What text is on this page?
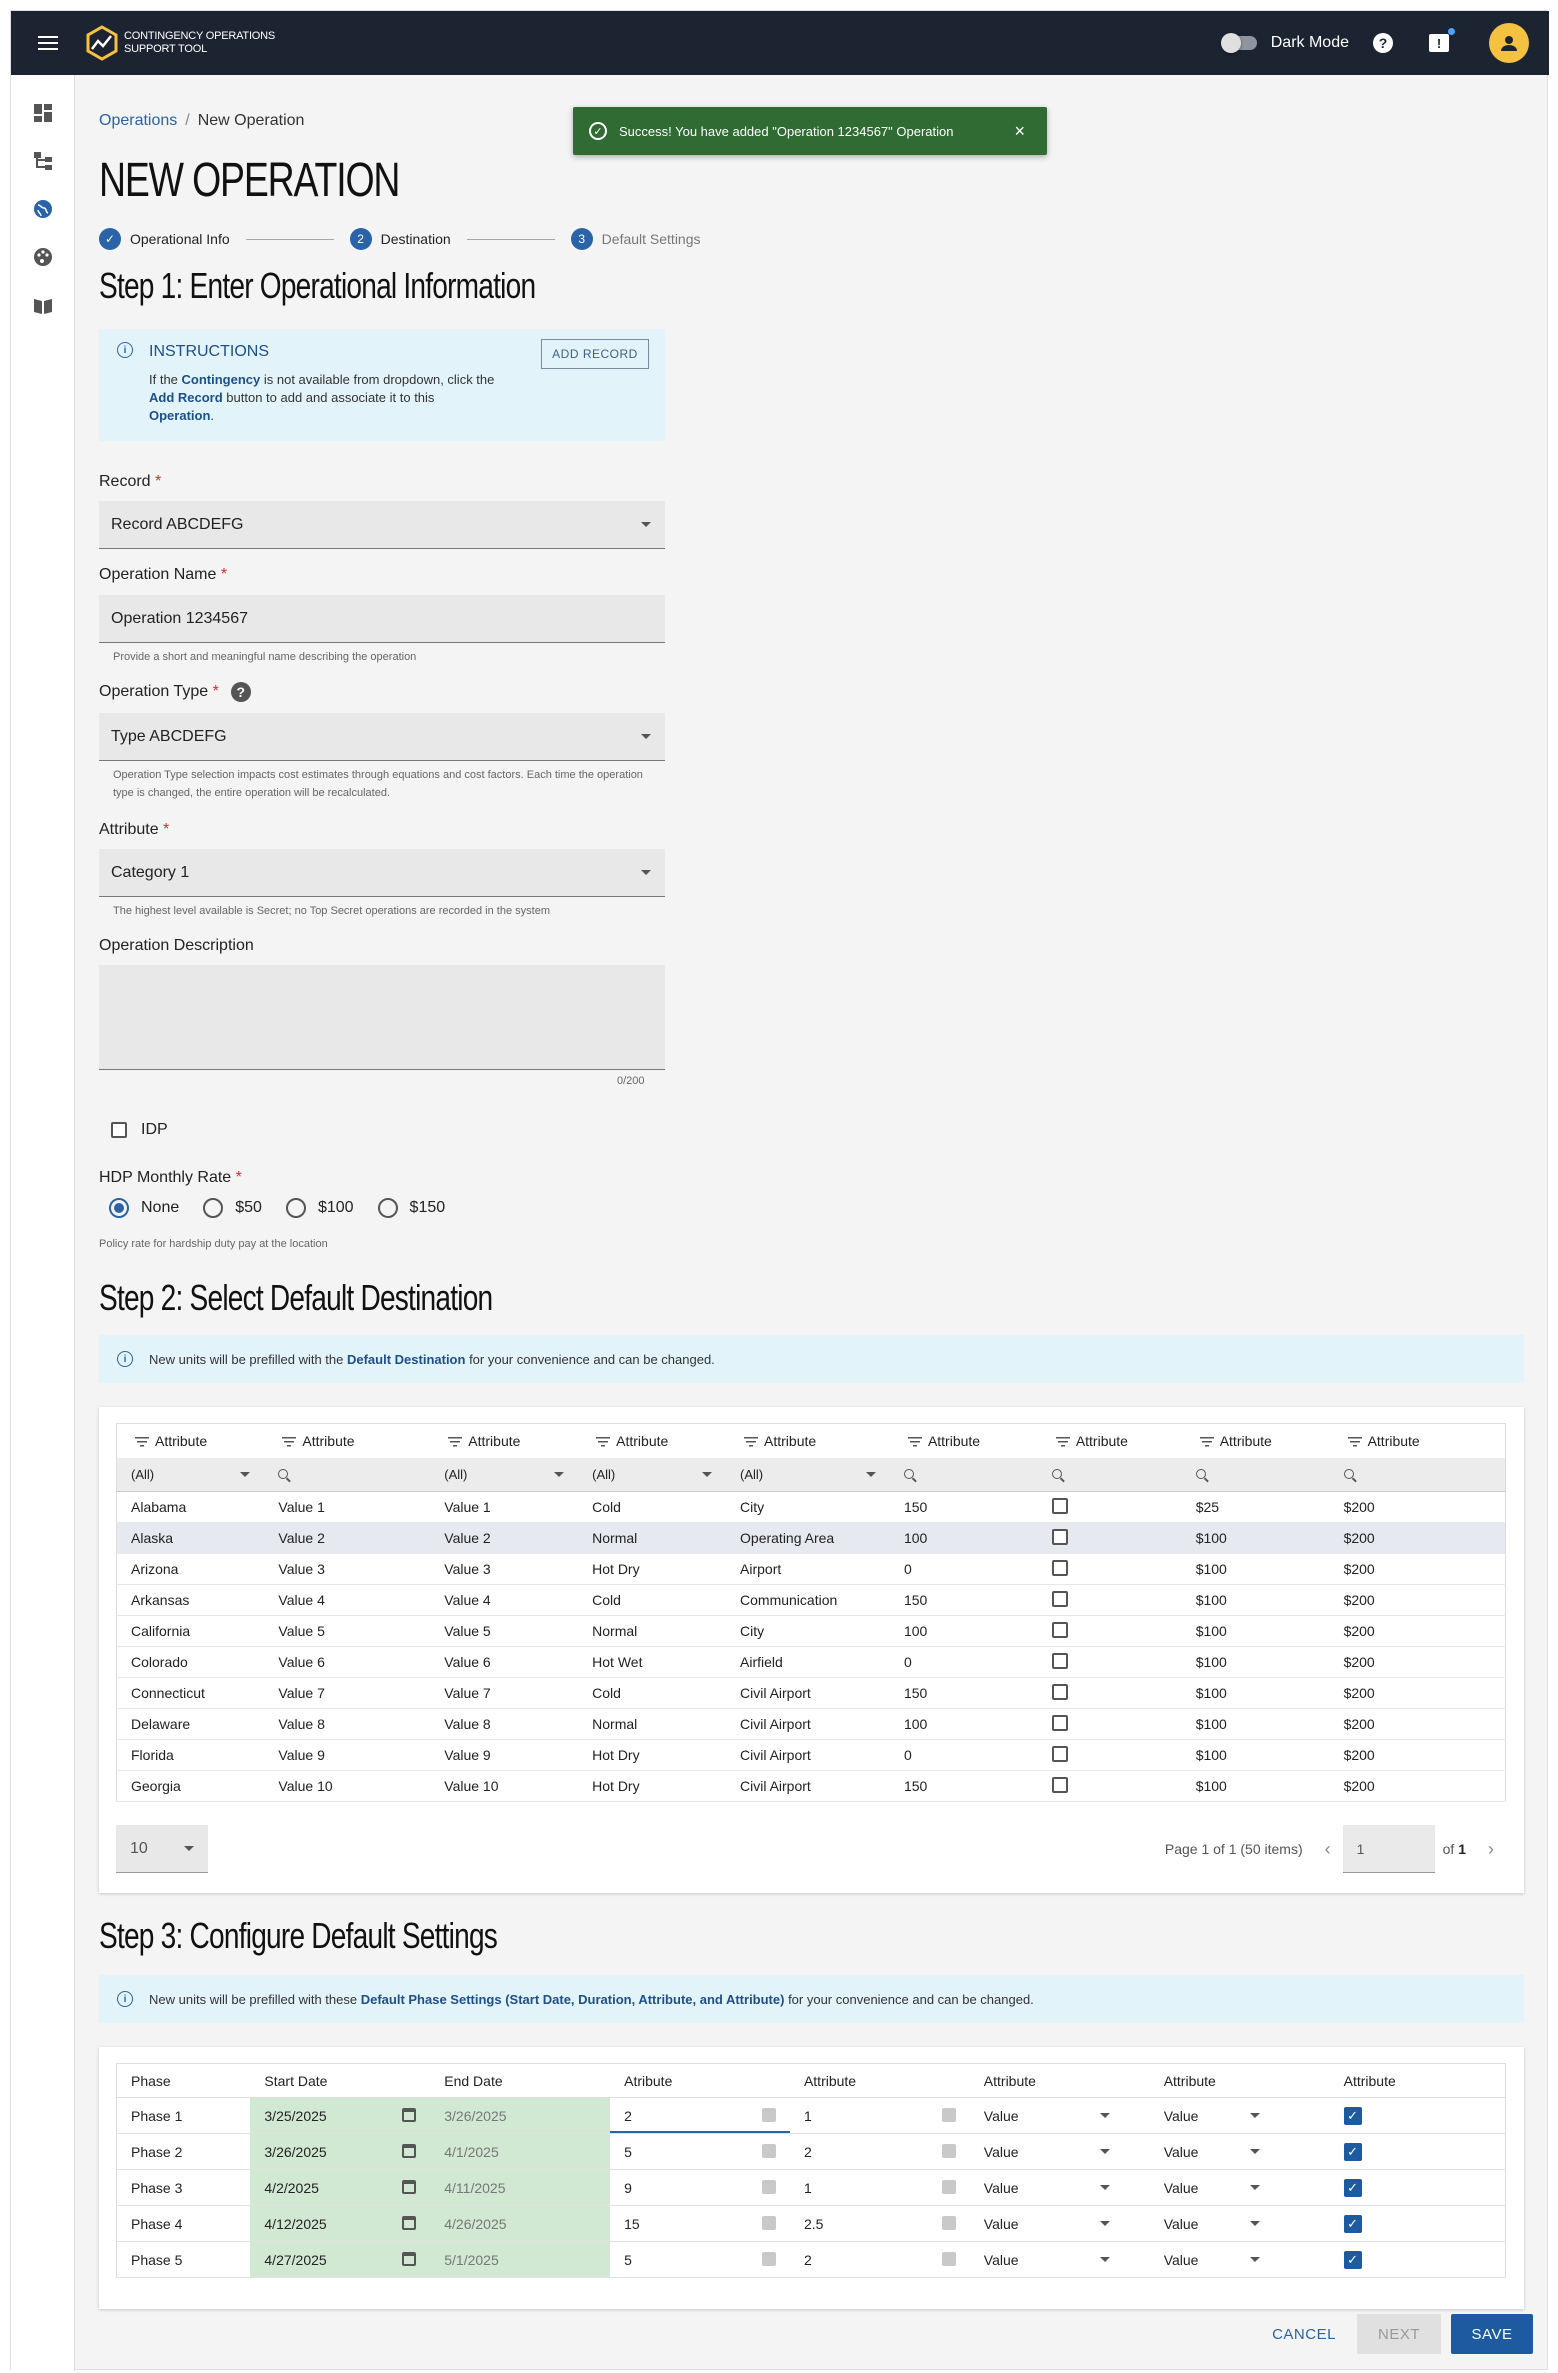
CONTINGENCY OPERATIONS
SUPPORT TOOL	Dark Mode	?	!
Operations / New Operation
✓	Success! You have added "Operation 1234567" Operation	×
NEW OPERATION
✓	Operational Info	2	Destination	3	Default Settings
Step 1: Enter Operational Information
i	INSTRUCTIONS
If the Contingency is not available from dropdown, click the
Add Record button to add and associate it to this
Operation.
ADD RECORD
Record *
Record ABCDEFG
Operation Name *
Operation 1234567
Provide a short and meaningful name describing the operation
Operation Type
*	?
Type ABCDEFG
Operation Type selection impacts cost estimates through equations and cost factors. Each time the operation type is changed, the entire operation will be recalculated.
Attribute *
Category 1
The highest level available is Secret; no Top Secret operations are recorded in the system
Operation Description
0/200
IDP
HDP Monthly Rate *
None	$50	$100	$150
Policy rate for hardship duty pay at the location
Step 2: Select Default Destination
i	New units will be prefilled with the Default Destination for your convenience and can be changed.
Attribute	Attribute	Attribute	Attribute	Attribute	Attribute	Attribute	Attribute	Attribute

(All)		(All)	(All)	(All)				

Alabama	Value 1	Value 1	Cold	City	150		$25	$200
Alaska	Value 2	Value 2	Normal	Operating Area	100		$100	$200
Arizona	Value 3	Value 3	Hot Dry	Airport	0		$100	$200
Arkansas	Value 4	Value 4	Cold	Communication	150		$100	$200
California	Value 5	Value 5	Normal	City	100		$100	$200
Colorado	Value 6	Value 6	Hot Wet	Airfield	0		$100	$200
Connecticut	Value 7	Value 7	Cold	Civil Airport	150		$100	$200
Delaware	Value 8	Value 8	Normal	Civil Airport	100		$100	$200
Florida	Value 9	Value 9	Hot Dry	Civil Airport	0		$100	$200
Georgia	Value 10	Value 10	Hot Dry	Civil Airport	150		$100	$200
10	Page 1 of 1 (50 items) ‹	1	of 1 ›
Step 3: Configure Default Settings
i	New units will be prefilled with these Default Phase Settings (Start Date, Duration, Attribute, and Attribute) for your convenience and can be changed.
Phase	Start Date	End Date	Atribute	Attribute	Attribute	Attribute	Attribute
Phase 1	3/25/2025	3/26/2025	2	1	Value	Value	✓
Phase 2	3/26/2025	4/1/2025	5	2	Value	Value	✓
Phase 3	4/2/2025	4/11/2025	9	1	Value	Value	✓
Phase 4	4/12/2025	4/26/2025	15	2.5	Value	Value	✓
Phase 5	4/27/2025	5/1/2025	5	2	Value	Value	✓
CANCEL	NEXT	SAVE
